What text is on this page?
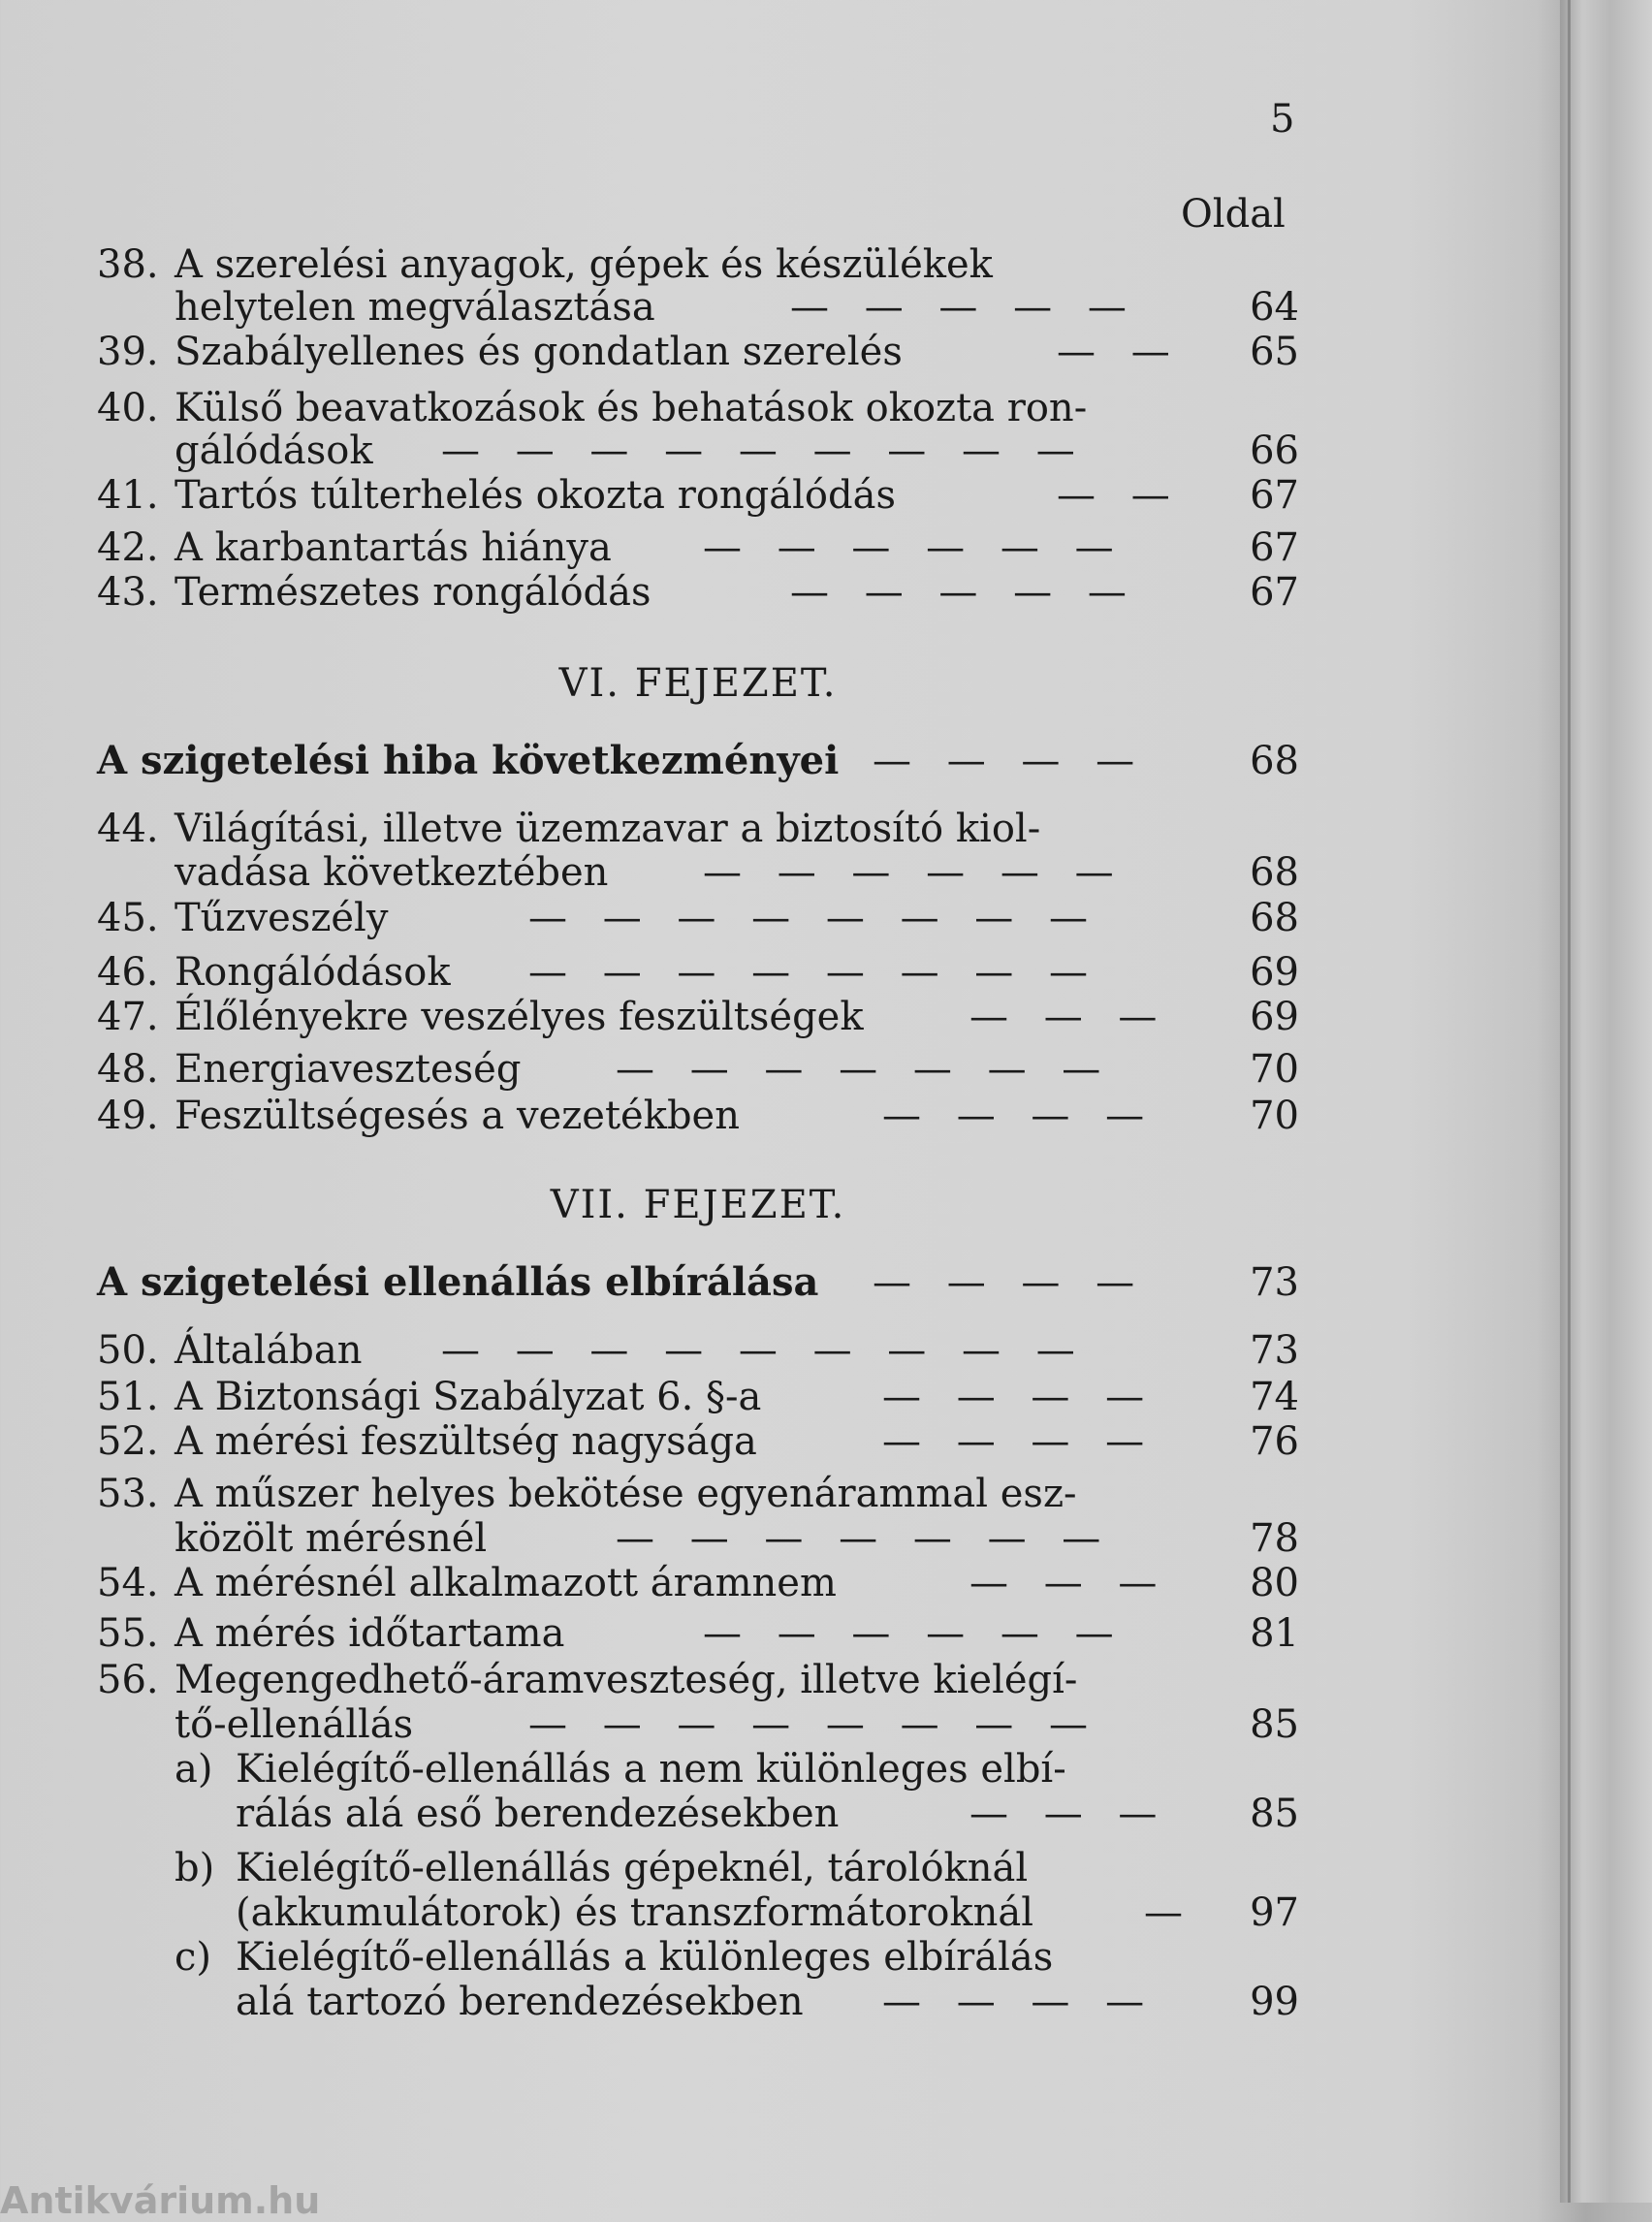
5
Oldal
38. A szerelési anyagok, gépek és készülékek
helytelen megválasztása	— — — — —	64
39. Szabályellenes és gondatlan szerelés	— — 65
40. Külső beavatkozások és behatások okozta ron-
gálódások — — — — — — — — —	66
41. Tartós túlterhelés okozta rongálódás	— — 67
42. A karbantartás hiánya — — — — — —	67
43. Természetes rongálódás	— — — — —	67
VI. FEJEZET.
A szigetelési hiba következményei — — — —	68
44. Világítási, illetve üzemzavar a biztosító kiol-
vadása következtében — — — — — —	68
45. Tűzveszély	— — — — — — — —	68
46. Rongálódások — — — — — — — —	69
47. Élőlényekre veszélyes feszültségek	— — — 69
48. Energiaveszteség — — — — — — —	70
49. Feszültségesés a vezetékben	— — — — 70
VII. FEJEZET.
A szigetelési ellenállás elbírálása — — — —	73
50. Általában — — — — — — — — —	73
51. A Biztonsági Szabályzat 6. §-a	— — — — 74
52. A mérési feszültség nagysága	— — — — 76
53. A műszer helyes bekötése egyenárammal esz-
közölt mérésnél	— — — — — — —	78
54. A mérésnél alkalmazott áramnem	— — — 80
55. A mérés időtartama	— — — — — —	81
56. Megengedhető-áramveszteség, illetve kielégí-
tő-ellenállás	— — — — — — — —	85
a) Kielégítő-ellenállás a nem különleges elbí-
rálás alá eső berendezésekben	— — — 85
b) Kielégítő-ellenállás gépeknél, tárolóknál
(akkumulátorok) és transzformátoroknál	— 97
c) Kielégítő-ellenállás a különleges elbírálás
alá tartozó berendezésekben — — — — 99
Antikvárium.hu
